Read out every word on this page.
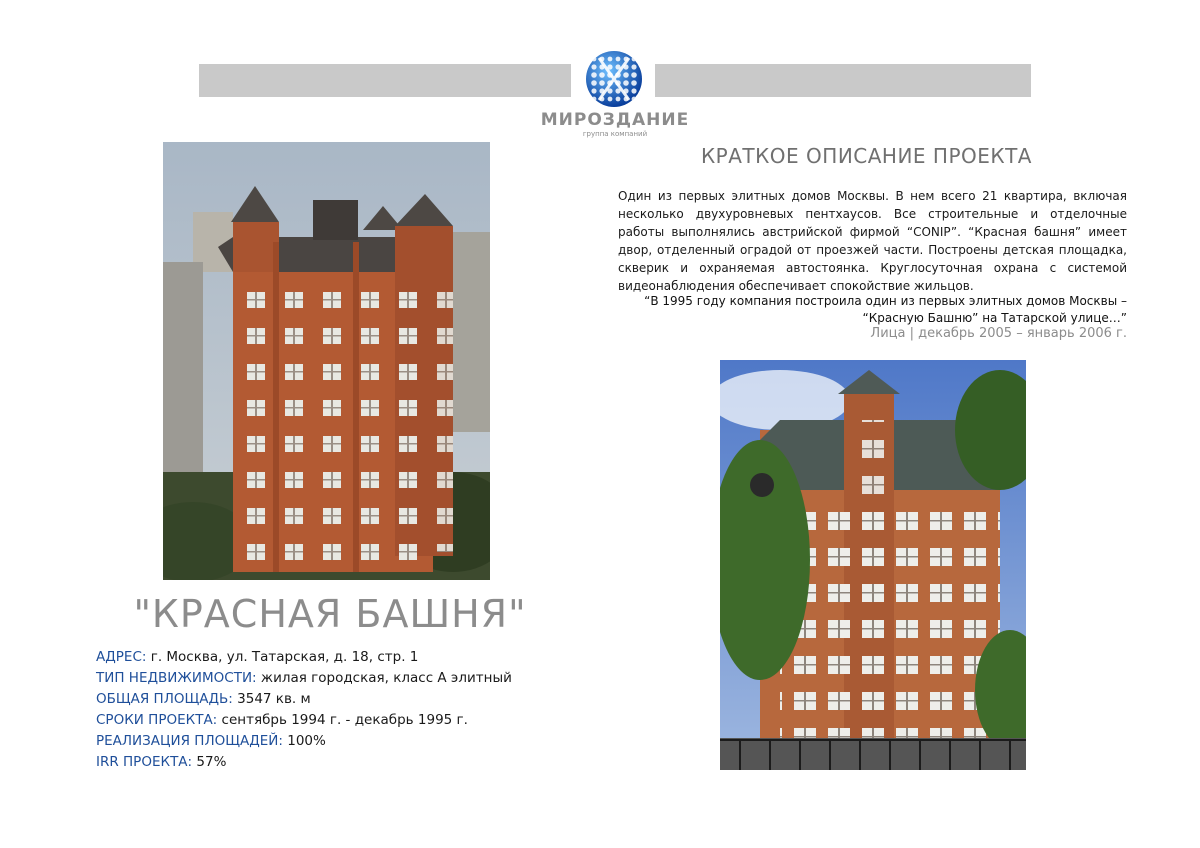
МИРОЗДАНИЕ
группа компаний
"КРАСНАЯ БАШНЯ"
АДРЕС: г. Москва, ул. Татарская, д. 18, стр. 1
ТИП НЕДВИЖИМОСТИ: жилая городская, класс А элитный
ОБЩАЯ ПЛОЩАДЬ: 3547 кв. м
СРОКИ ПРОЕКТА: сентябрь 1994 г. - декабрь 1995 г.
РЕАЛИЗАЦИЯ ПЛОЩАДЕЙ: 100%
IRR ПРОЕКТА: 57%
КРАТКОЕ ОПИСАНИЕ ПРОЕКТА
Один из первых элитных домов Москвы. В нем всего 21 квартира, включая несколько двухуровневых пентхаусов. Все строительные и отделочные работы выполнялись австрийской фирмой “CONIP”. “Красная башня” имеет двор, отделенный оградой от проезжей части. Построены детская площадка, скверик и охраняемая автостоянка. Круглосуточная охрана с системой видеонаблюдения обеспечивает спокойствие жильцов.
“В 1995 году компания построила один из первых элитных домов Москвы –
“Красную Башню” на Татарской улице…”
Лица | декабрь 2005 – январь 2006 г.
